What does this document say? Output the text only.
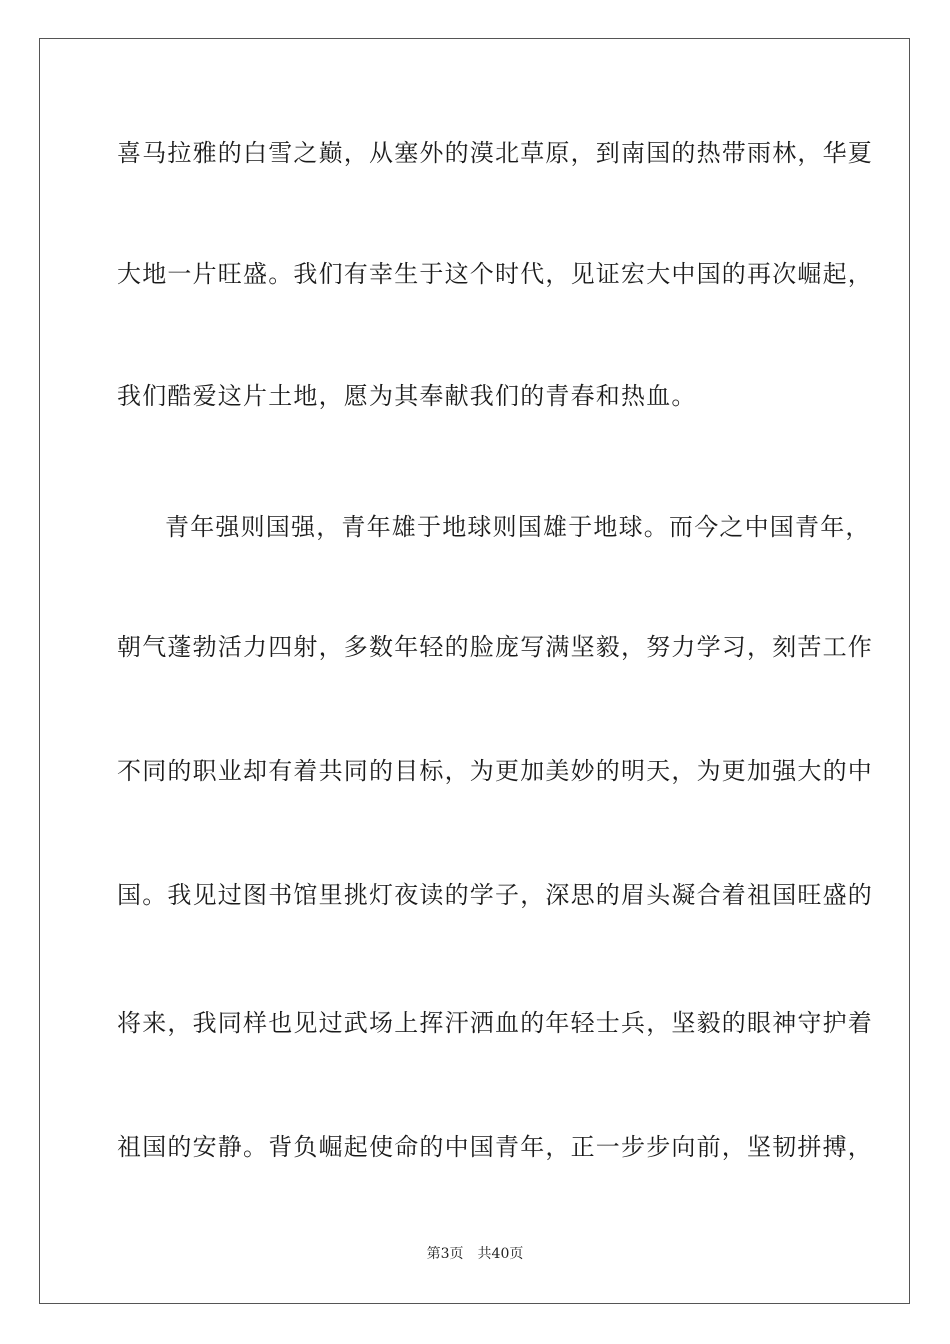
喜马拉雅的白雪之巅，从塞外的漠北草原，到南国的热带雨林，华夏
大地一片旺盛。我们有幸生于这个时代，见证宏大中国的再次崛起，
我们酷爱这片土地，愿为其奉献我们的青春和热血。
青年强则国强，青年雄于地球则国雄于地球。而今之中国青年，
朝气蓬勃活力四射，多数年轻的脸庞写满坚毅，努力学习，刻苦工作
不同的职业却有着共同的目标，为更加美妙的明天，为更加强大的中
国。我见过图书馆里挑灯夜读的学子，深思的眉头凝合着祖国旺盛的
将来，我同样也见过武场上挥汗洒血的年轻士兵，坚毅的眼神守护着
祖国的安静。背负崛起使命的中国青年，正一步步向前，坚韧拼搏，
第3页 共40页
